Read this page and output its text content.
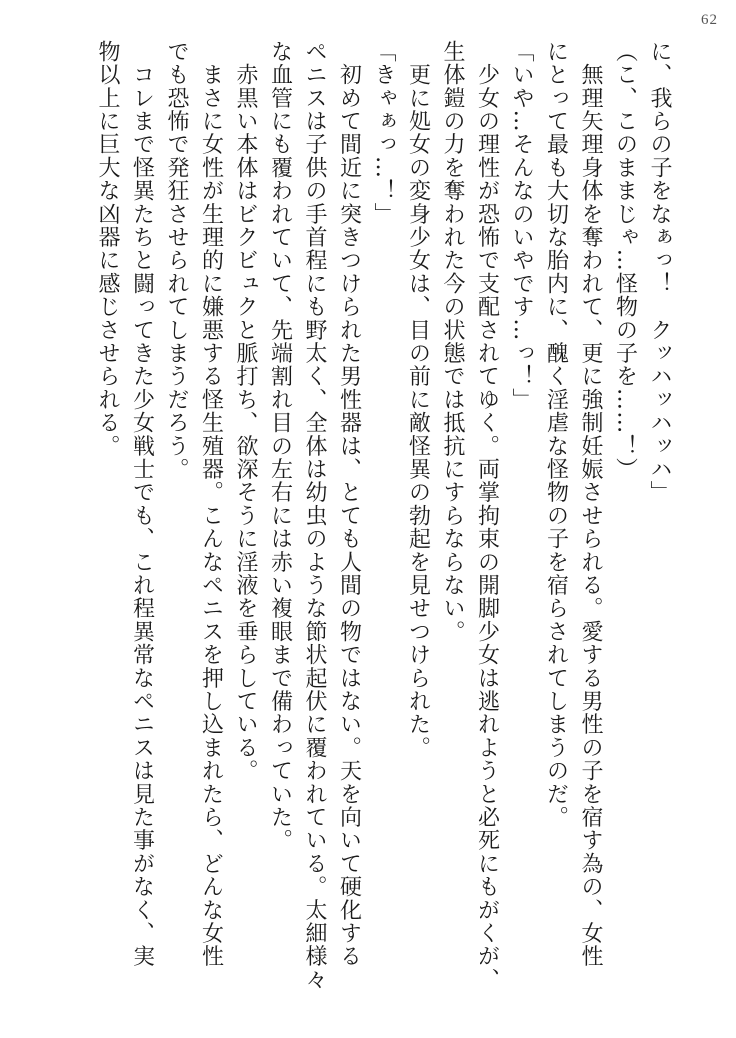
62

に、我らの子をなぁっ！　クッハッハッハ」

（こ、このままじゃ…怪物の子を……！）

　無理矢理身体を奪われて、更に強制妊娠させられる。愛する男性の子を宿す為の、女性

にとって最も大切な胎内に、醜く淫虐な怪物の子を宿らされてしまうのだ。

「いや…そんなのいやです…っ！」

　少女の理性が恐怖で支配されてゆく。両掌拘束の開脚少女は逃れようと必死にもがくが、

生体鎧の力を奪われた今の状態では抵抗にすらならない。

　更に処女の変身少女は、目の前に敵怪異の勃起を見せつけられた。

「きゃぁっ…！」

　初めて間近に突きつけられた男性器は、とても人間の物ではない。天を向いて硬化する

ペニスは子供の手首程にも野太く、全体は幼虫のような節状起伏に覆われている。太細様々

な血管にも覆われていて、先端割れ目の左右には赤い複眼まで備わっていた。

　赤黒い本体はビクビュクと脈打ち、欲深そうに淫液を垂らしている。

　まさに女性が生理的に嫌悪する怪生殖器。こんなペニスを押し込まれたら、どんな女性

でも恐怖で発狂させられてしまうだろう。

　コレまで怪異たちと闘ってきた少女戦士でも、これ程異常なペニスは見た事がなく、実

物以上に巨大な凶器に感じさせられる。
